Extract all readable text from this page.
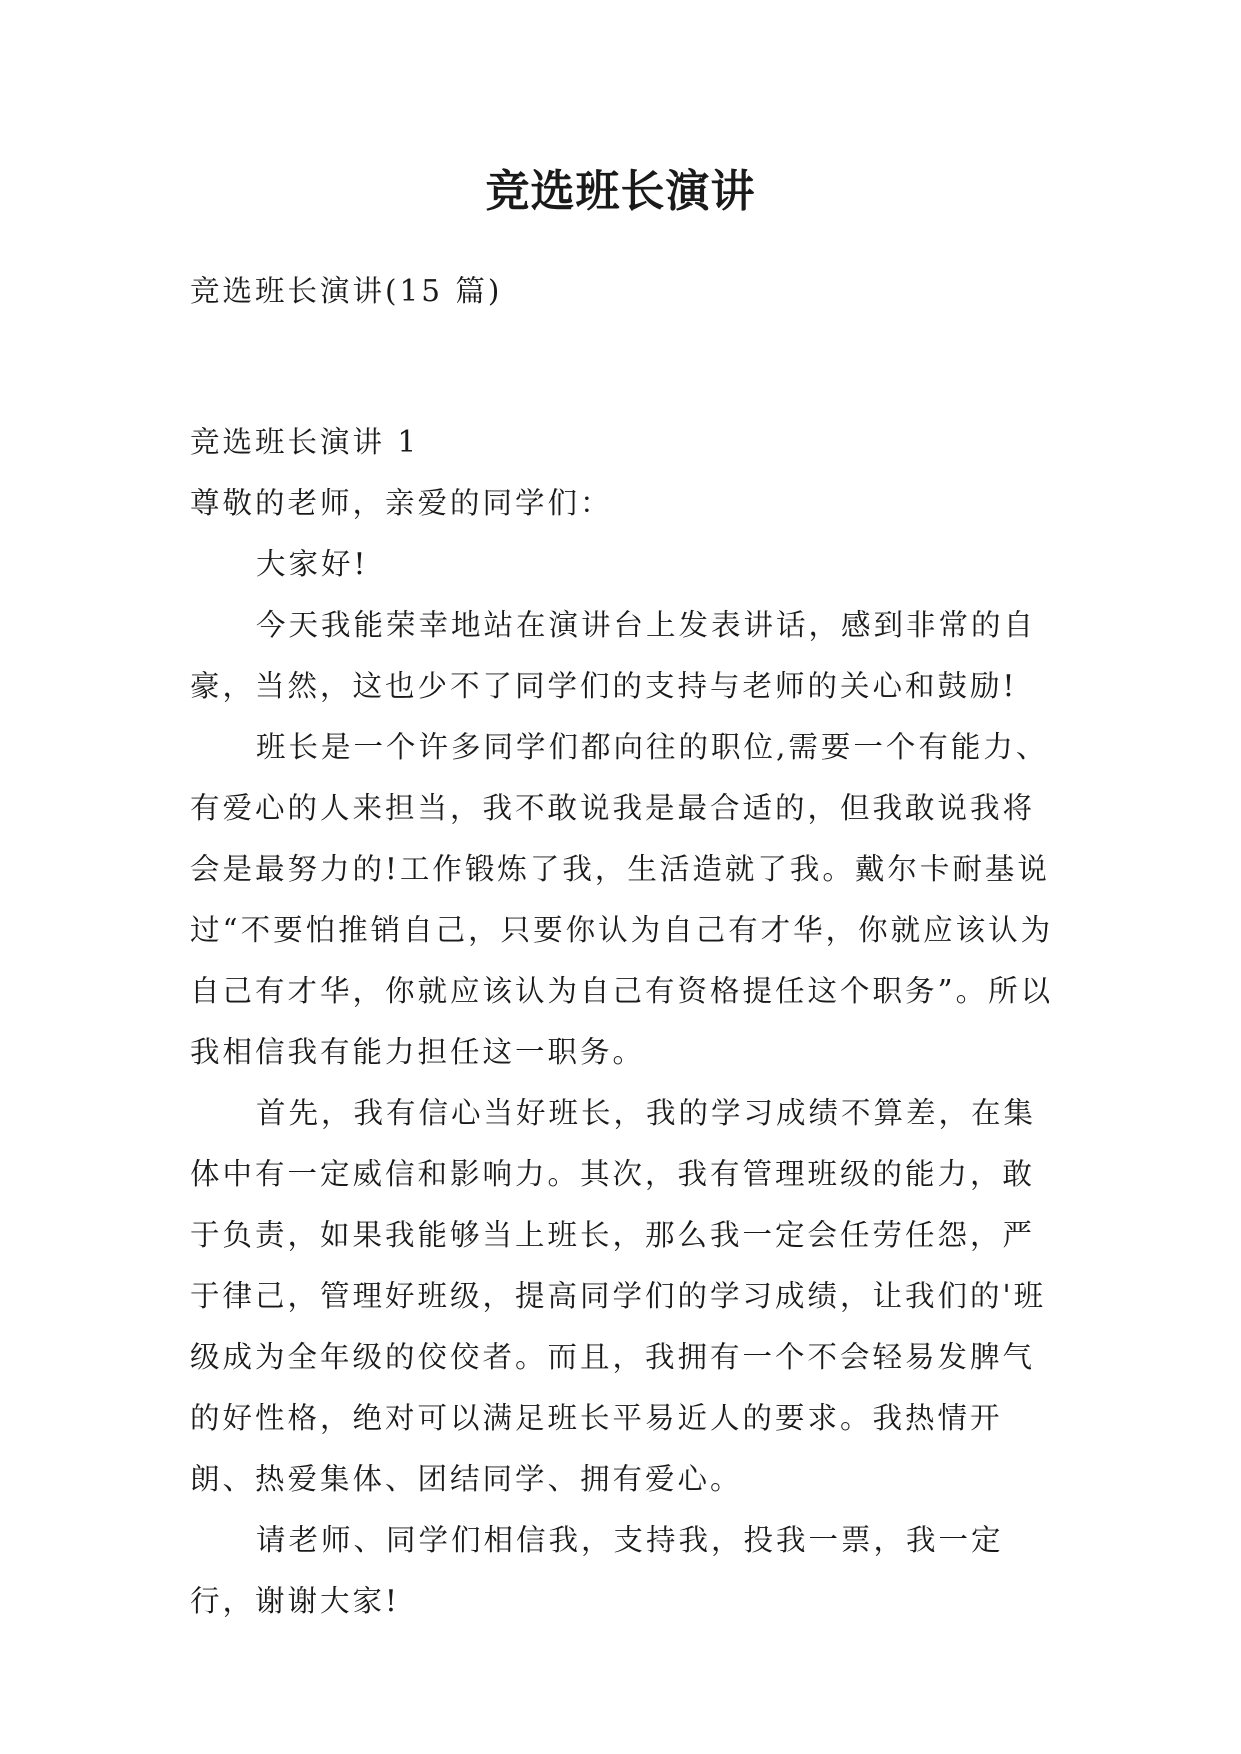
竞选班长演讲
竞选班长演讲(15 篇)

竞选班长演讲 1

尊敬的老师，亲爱的同学们：

大家好!

今天我能荣幸地站在演讲台上发表讲话，感到非常的自豪，当然，这也少不了同学们的支持与老师的关心和鼓励!

班长是一个许多同学们都向往的职位,需要一个有能力、有爱心的人来担当，我不敢说我是最合适的，但我敢说我将会是最努力的!工作锻炼了我，生活造就了我。戴尔卡耐基说过“不要怕推销自己，只要你认为自己有才华，你就应该认为自己有才华，你就应该认为自己有资格提任这个职务”。所以我相信我有能力担任这一职务。

首先，我有信心当好班长，我的学习成绩不算差，在集体中有一定威信和影响力。其次，我有管理班级的能力，敢于负责，如果我能够当上班长，那么我一定会任劳任怨，严于律己，管理好班级，提高同学们的学习成绩，让我们的'班级成为全年级的佼佼者。而且，我拥有一个不会轻易发脾气的好性格，绝对可以满足班长平易近人的要求。我热情开朗、热爱集体、团结同学、拥有爱心。

请老师、同学们相信我，支持我，投我一票，我一定行，谢谢大家!
